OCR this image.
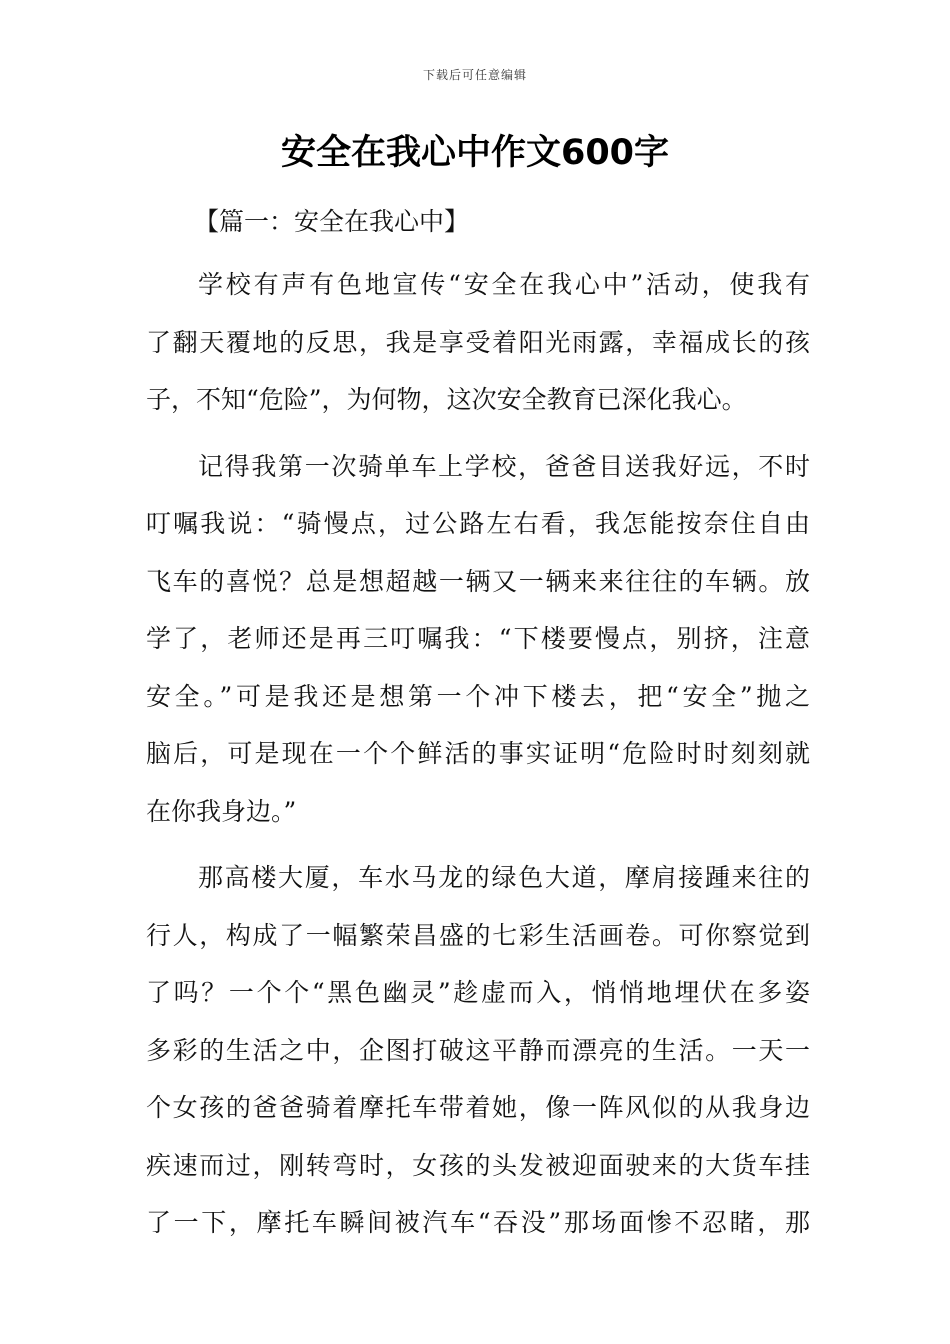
下载后可任意编辑
安全在我心中作文600字

【篇一：安全在我心中】

学校有声有色地宣传“安全在我心中”活动，使我有
了翻天覆地的反思，我是享受着阳光雨露，幸福成长的孩
子，不知“危险”，为何物，这次安全教育已深化我心。

记得我第一次骑单车上学校，爸爸目送我好远，不时
叮嘱我说：“骑慢点，过公路左右看，我怎能按奈住自由
飞车的喜悦？总是想超越一辆又一辆来来往往的车辆。放
学了，老师还是再三叮嘱我：“下楼要慢点，别挤，注意
安全。”可是我还是想第一个冲下楼去，把“安全”抛之
脑后，可是现在一个个鲜活的事实证明“危险时时刻刻就
在你我身边。”

那高楼大厦，车水马龙的绿色大道，摩肩接踵来往的
行人，构成了一幅繁荣昌盛的七彩生活画卷。可你察觉到
了吗？一个个“黑色幽灵”趁虚而入，悄悄地埋伏在多姿
多彩的生活之中，企图打破这平静而漂亮的生活。一天一
个女孩的爸爸骑着摩托车带着她，像一阵风似的从我身边
疾速而过，刚转弯时，女孩的头发被迎面驶来的大货车挂
了一下，摩托车瞬间被汽车“吞没”那场面惨不忍睹，那
